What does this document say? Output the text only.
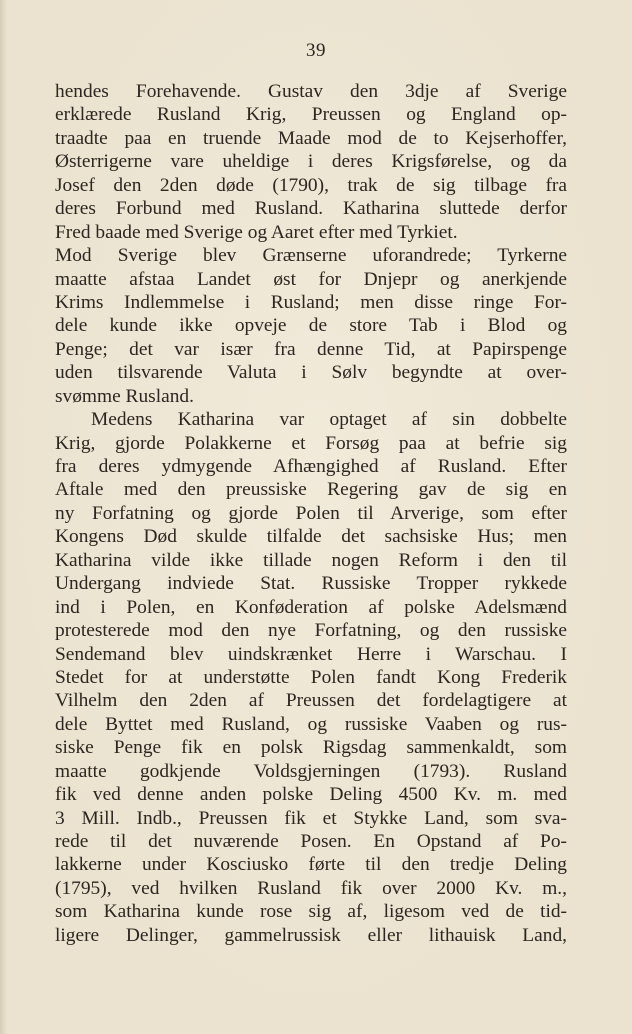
39
hendes Forehavende. Gustav den 3dje af Sverige
erklærede Rusland Krig, Preussen og England op-
traadte paa en truende Maade mod de to Kejserhoffer,
Østerrigerne vare uheldige i deres Krigsførelse, og da
Josef den 2den døde (1790), trak de sig tilbage fra
deres Forbund med Rusland. Katharina sluttede derfor
Fred baade med Sverige og Aaret efter med Tyrkiet.
Mod Sverige blev Grænserne uforandrede; Tyrkerne
maatte afstaa Landet øst for Dnjepr og anerkjende
Krims Indlemmelse i Rusland; men disse ringe For-
dele kunde ikke opveje de store Tab i Blod og
Penge; det var især fra denne Tid, at Papirspenge
uden tilsvarende Valuta i Sølv begyndte at over-
svømme Rusland.
Medens Katharina var optaget af sin dobbelte
Krig, gjorde Polakkerne et Forsøg paa at befrie sig
fra deres ydmygende Afhængighed af Rusland. Efter
Aftale med den preussiske Regering gav de sig en
ny Forfatning og gjorde Polen til Arverige, som efter
Kongens Død skulde tilfalde det sachsiske Hus; men
Katharina vilde ikke tillade nogen Reform i den til
Undergang indviede Stat. Russiske Tropper rykkede
ind i Polen, en Konføderation af polske Adelsmænd
protesterede mod den nye Forfatning, og den russiske
Sendemand blev uindskrænket Herre i Warschau. I
Stedet for at understøtte Polen fandt Kong Frederik
Vilhelm den 2den af Preussen det fordelagtigere at
dele Byttet med Rusland, og russiske Vaaben og rus-
siske Penge fik en polsk Rigsdag sammenkaldt, som
maatte godkjende Voldsgjerningen (1793). Rusland
fik ved denne anden polske Deling 4500 Kv. m. med
3 Mill. Indb., Preussen fik et Stykke Land, som sva-
rede til det nuværende Posen. En Opstand af Po-
lakkerne under Kosciusko førte til den tredje Deling
(1795), ved hvilken Rusland fik over 2000 Kv. m.,
som Katharina kunde rose sig af, ligesom ved de tid-
ligere Delinger, gammelrussisk eller lithauisk Land,
